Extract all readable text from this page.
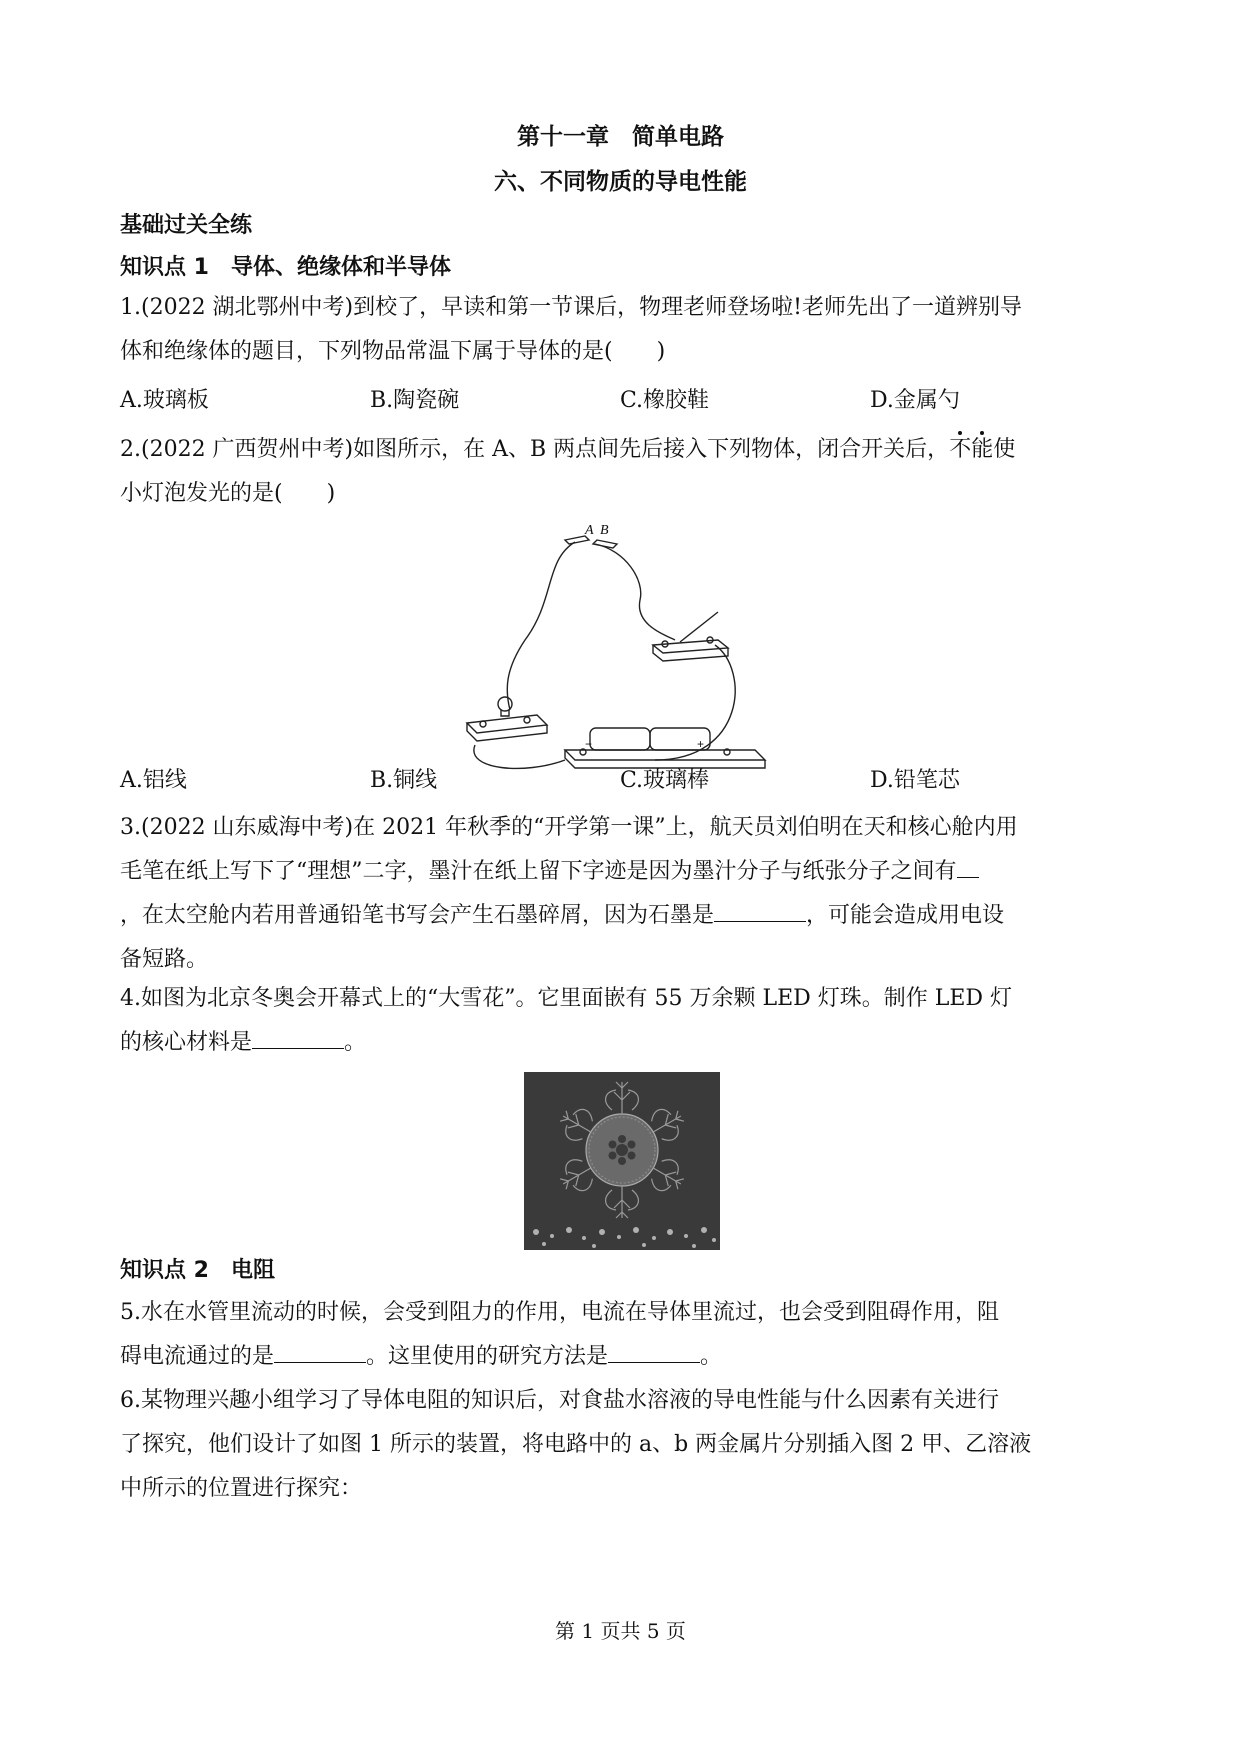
第十一章　简单电路
六、不同物质的导电性能
基础过关全练
知识点 1　导体、绝缘体和半导体
1.(2022 湖北鄂州中考)到校了，早读和第一节课后，物理老师登场啦!老师先出了一道辨别导
体和绝缘体的题目，下列物品常温下属于导体的是(　　)
A.玻璃板	B.陶瓷碗	C.橡胶鞋	D.金属勺
2.(2022 广西贺州中考)如图所示，在 A、B 两点间先后接入下列物体，闭合开关后，不能使
小灯泡发光的是(　　)
A B
−	+
A.铝线	B.铜线	C.玻璃棒	D.铅笔芯
3.(2022 山东威海中考)在 2021 年秋季的“开学第一课”上，航天员刘伯明在天和核心舱内用
毛笔在纸上写下了“理想”二字，墨汁在纸上留下字迹是因为墨汁分子与纸张分子之间有
，在太空舱内若用普通铅笔书写会产生石墨碎屑，因为石墨是	，可能会造成用电设
备短路。
4.如图为北京冬奥会开幕式上的“大雪花”。它里面嵌有 55 万余颗 LED 灯珠。制作 LED 灯
的核心材料是	。
知识点 2　电阻
5.水在水管里流动的时候，会受到阻力的作用，电流在导体里流过，也会受到阻碍作用，阻
碍电流通过的是	。这里使用的研究方法是	。
6.某物理兴趣小组学习了导体电阻的知识后，对食盐水溶液的导电性能与什么因素有关进行
了探究，他们设计了如图 1 所示的装置，将电路中的 a、b 两金属片分别插入图 2 甲、乙溶液
中所示的位置进行探究：
第 1 页共 5 页
